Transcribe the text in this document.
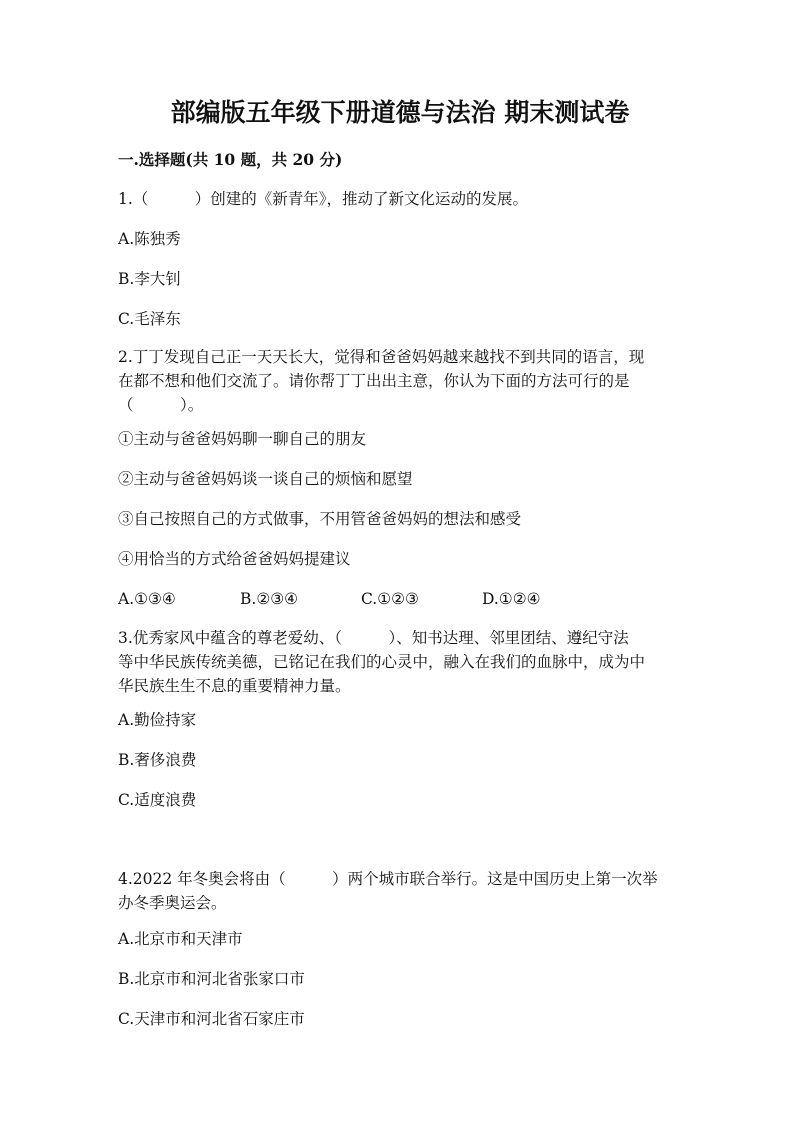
部编版五年级下册道德与法治 期末测试卷
一.选择题(共 10 题，共 20 分)
1.（　　　）创建的《新青年》，推动了新文化运动的发展。
A.陈独秀
B.李大钊
C.毛泽东
2.丁丁发现自己正一天天长大，觉得和爸爸妈妈越来越找不到共同的语言，现
在都不想和他们交流了。请你帮丁丁出出主意，你认为下面的方法可行的是
（　　　）。
①主动与爸爸妈妈聊一聊自己的朋友
②主动与爸爸妈妈谈一谈自己的烦恼和愿望
③自己按照自己的方式做事，不用管爸爸妈妈的想法和感受
④用恰当的方式给爸爸妈妈提建议
A.①③④	B.②③④	C.①②③	D.①②④
3.优秀家风中蕴含的尊老爱幼、（　　　）、知书达理、邻里团结、遵纪守法
等中华民族传统美德，已铭记在我们的心灵中，融入在我们的血脉中，成为中
华民族生生不息的重要精神力量。
A.勤俭持家
B.奢侈浪费
C.适度浪费
4.2022 年冬奥会将由（　　　）两个城市联合举行。这是中国历史上第一次举
办冬季奥运会。
A.北京市和天津市
B.北京市和河北省张家口市
C.天津市和河北省石家庄市
